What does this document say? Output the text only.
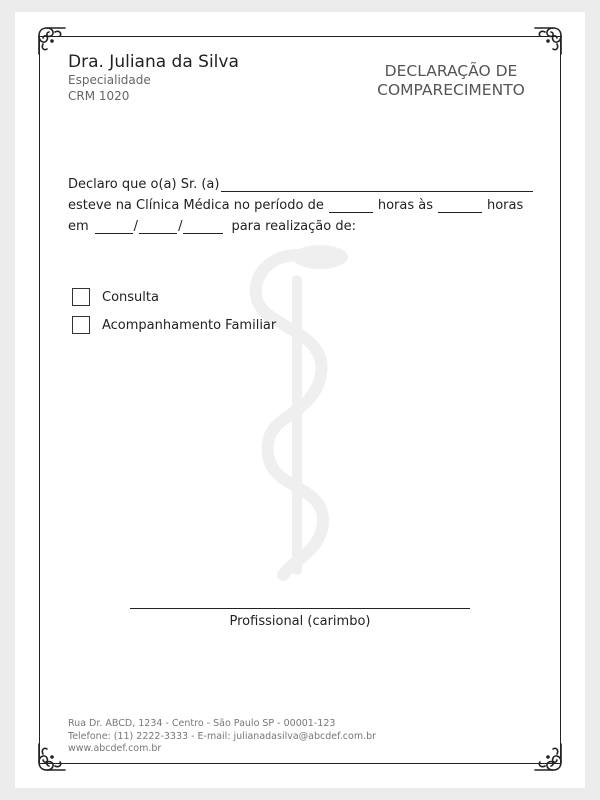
Dra. Juliana da Silva
Especialidade
CRM 1020
DECLARAÇÃO DE
COMPARECIMENTO
Declaro que o(a) Sr. (a)
esteve na Clínica Médica no período de	horas às	horas
em	/	/	para realização de:
Consulta
Acompanhamento Familiar
Profissional (carimbo)
Rua Dr. ABCD, 1234 - Centro - São Paulo SP - 00001-123
Telefone: (11) 2222-3333 - E-mail: julianadasilva@abcdef.com.br
www.abcdef.com.br
